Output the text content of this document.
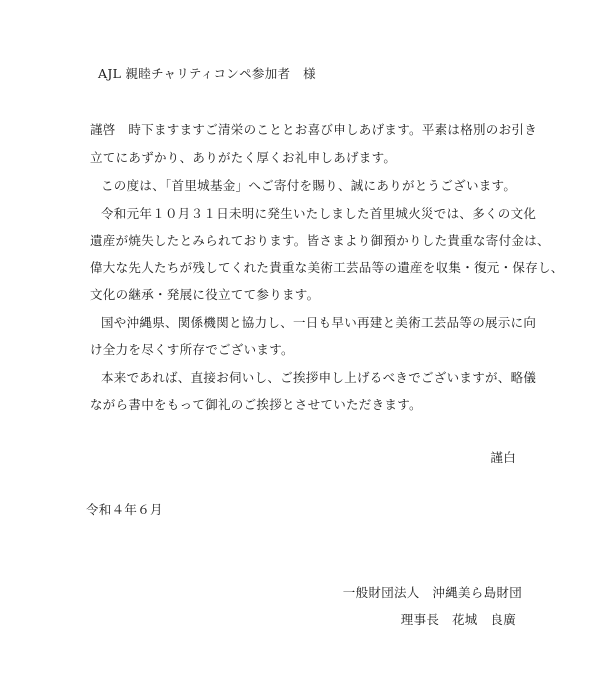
AJL 親睦チャリティコンペ参加者　様
謹啓　時下ますますご清栄のこととお喜び申しあげます。平素は格別のお引き
立てにあずかり、ありがたく厚くお礼申しあげます。
この度は、「首里城基金」へご寄付を賜り、誠にありがとうございます。
令和元年１０月３１日未明に発生いたしました首里城火災では、多くの文化
遺産が焼失したとみられております。皆さまより御預かりした貴重な寄付金は、
偉大な先人たちが残してくれた貴重な美術工芸品等の遺産を収集・復元・保存し、
文化の継承・発展に役立てて参ります。
国や沖縄県、関係機関と協力し、一日も早い再建と美術工芸品等の展示に向
け全力を尽くす所存でございます。
本来であれば、直接お伺いし、ご挨拶申し上げるべきでございますが、略儀
ながら書中をもって御礼のご挨拶とさせていただきます。
謹白
令和４年６月
一般財団法人　沖縄美ら島財団
理事長　花城　良廣
